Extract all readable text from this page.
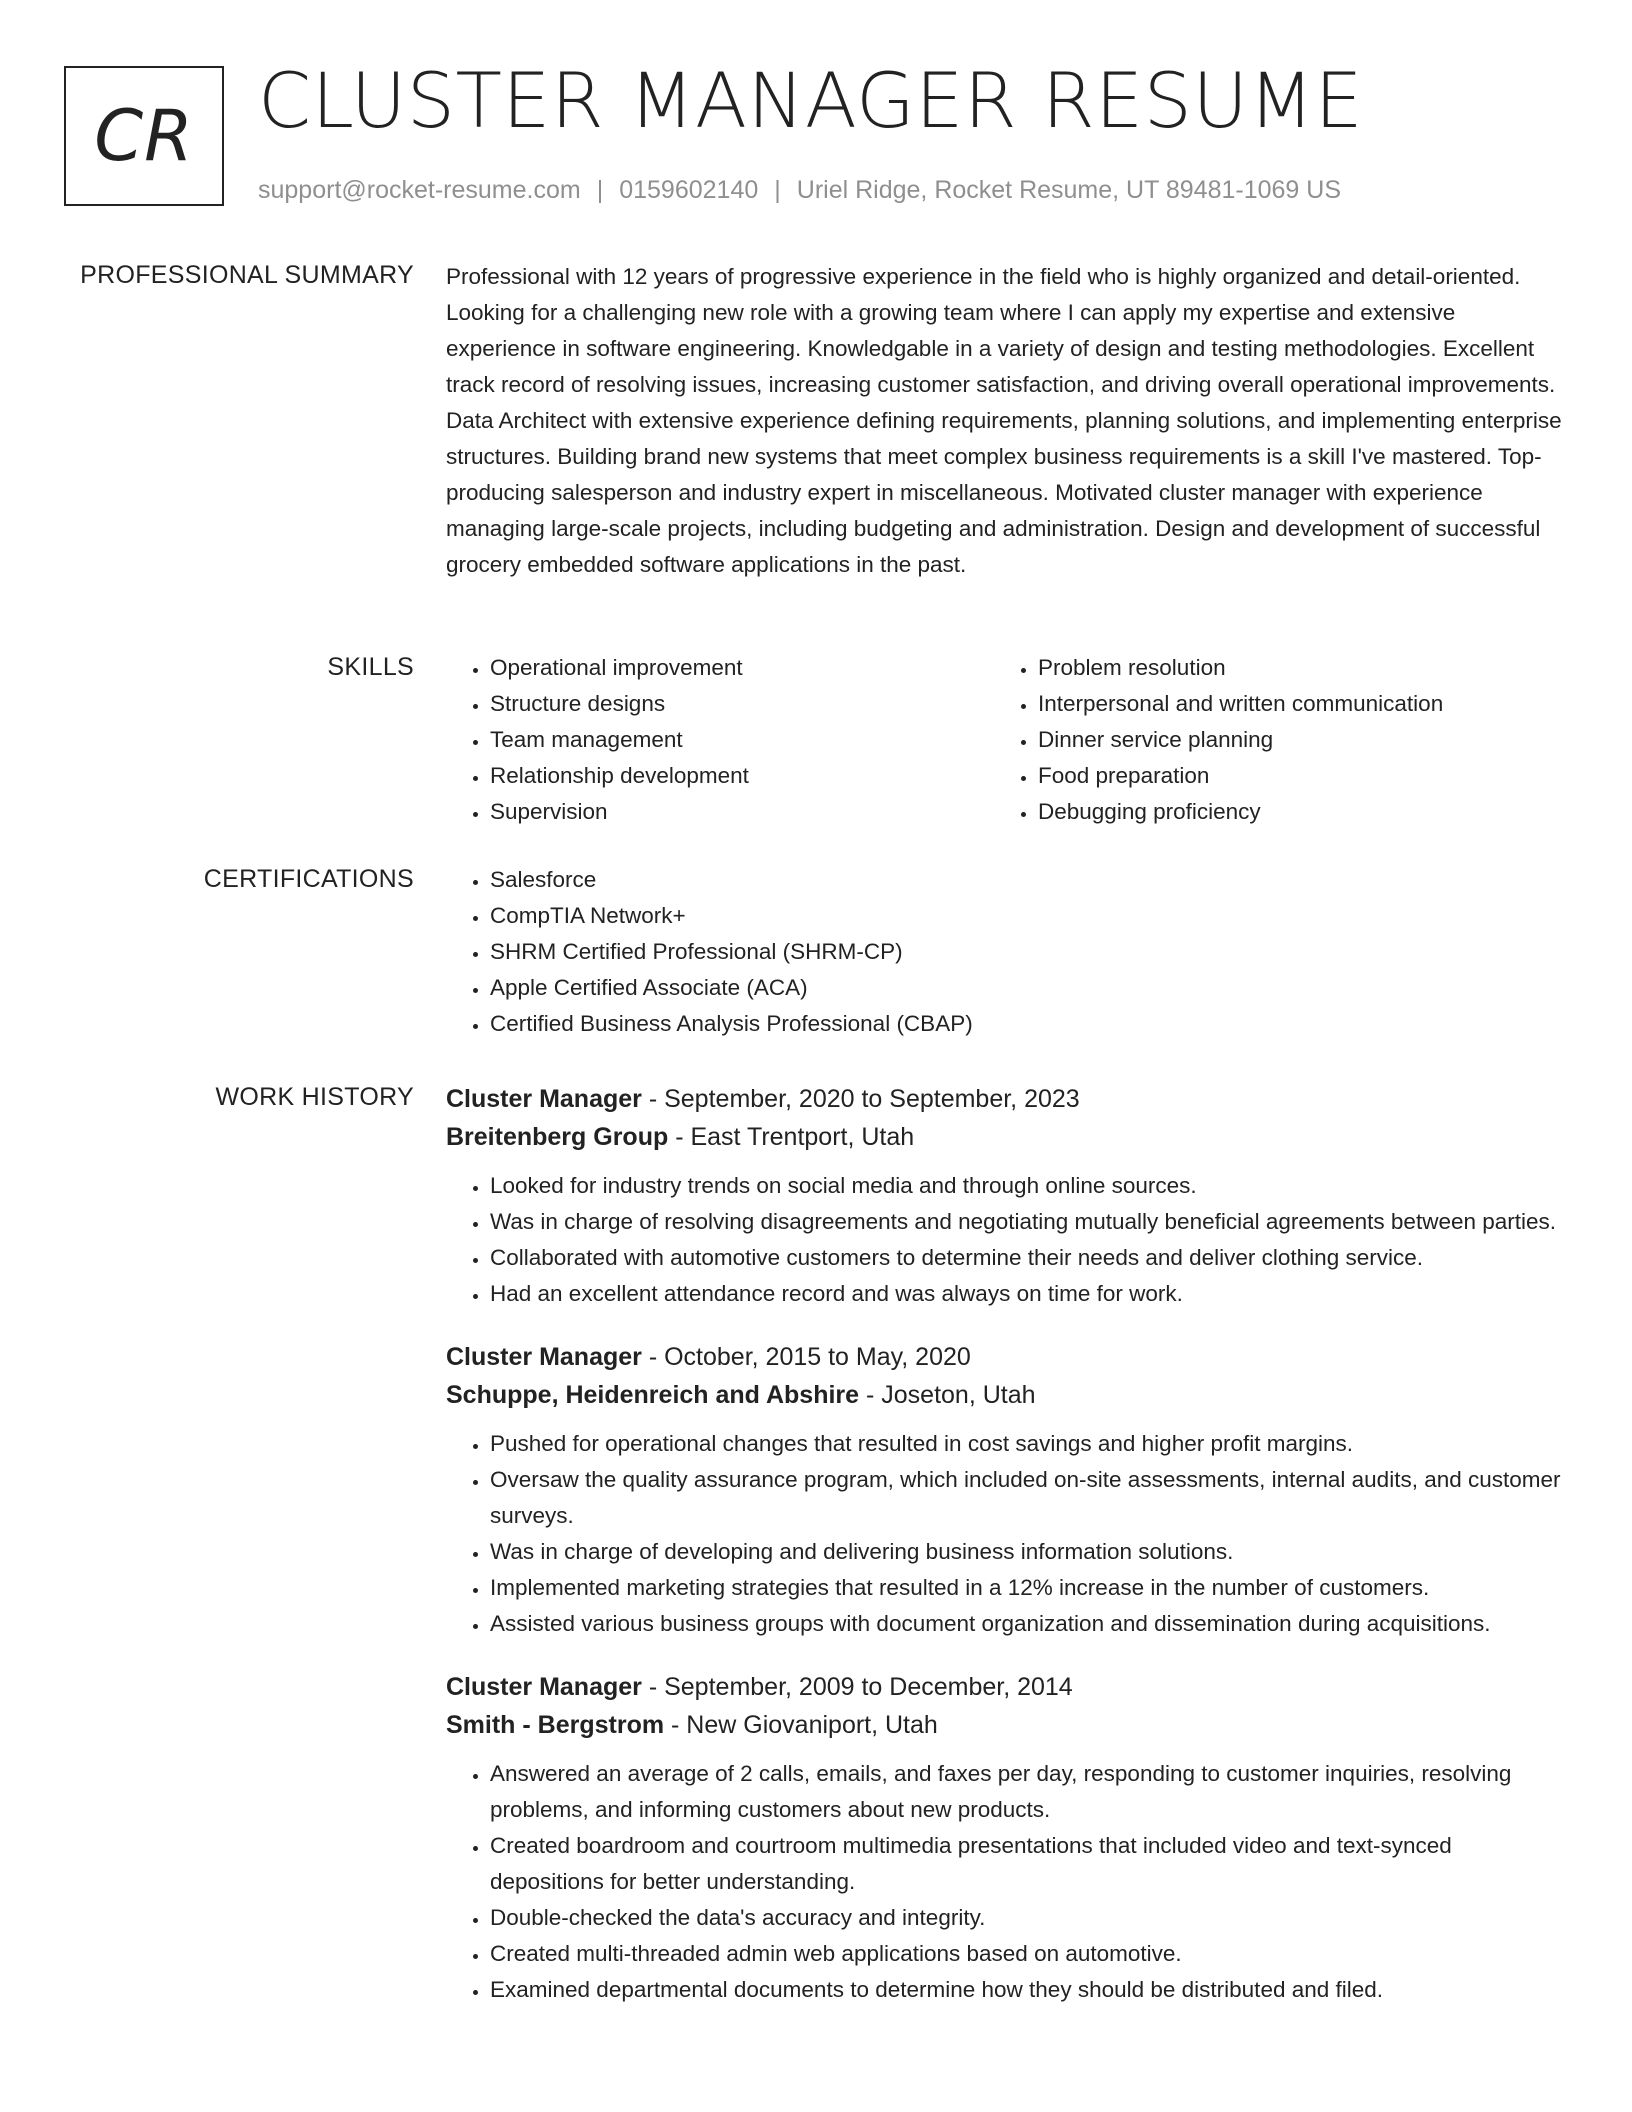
CR CLUSTER MANAGER RESUME
support@rocket-resume.com | 0159602140 | Uriel Ridge, Rocket Resume, UT 89481-1069 US
PROFESSIONAL SUMMARY Professional with 12 years of progressive experience in the field who is highly organized and detail-oriented. Looking for a challenging new role with a growing team where I can apply my expertise and extensive experience in software engineering. Knowledgable in a variety of design and testing methodologies. Excellent track record of resolving issues, increasing customer satisfaction, and driving overall operational improvements. Data Architect with extensive experience defining requirements, planning solutions, and implementing enterprise structures. Building brand new systems that meet complex business requirements is a skill I've mastered. Top-producing salesperson and industry expert in miscellaneous. Motivated cluster manager with experience managing large-scale projects, including budgeting and administration. Design and development of successful grocery embedded software applications in the past.

SKILLS	• Operational improvement
• Structure designs
• Team management
• Relationship development
• Supervision
• Problem resolution
• Interpersonal and written communication
• Dinner service planning
• Food preparation
• Debugging proficiency
CERTIFICATIONS	• Salesforce
• CompTIA Network+
• SHRM Certified Professional (SHRM-CP)
• Apple Certified Associate (ACA)
• Certified Business Analysis Professional (CBAP)
WORK HISTORY Cluster Manager - September, 2020 to September, 2023

Breitenberg Group - East Trentport, Utah

• Looked for industry trends on social media and through online sources.
• Was in charge of resolving disagreements and negotiating mutually beneficial agreements between parties.
• Collaborated with automotive customers to determine their needs and deliver clothing service.
• Had an excellent attendance record and was always on time for work.

Cluster Manager - October, 2015 to May, 2020

Schuppe, Heidenreich and Abshire - Joseton, Utah

• Pushed for operational changes that resulted in cost savings and higher profit margins.
• Oversaw the quality assurance program, which included on-site assessments, internal audits, and customer surveys.
• Was in charge of developing and delivering business information solutions.
• Implemented marketing strategies that resulted in a 12% increase in the number of customers.
• Assisted various business groups with document organization and dissemination during acquisitions.

Cluster Manager - September, 2009 to December, 2014

Smith - Bergstrom - New Giovaniport, Utah

• Answered an average of 2 calls, emails, and faxes per day, responding to customer inquiries, resolving problems, and informing customers about new products.
• Created boardroom and courtroom multimedia presentations that included video and text-synced depositions for better understanding.
• Double-checked the data's accuracy and integrity.
• Created multi-threaded admin web applications based on automotive.
• Examined departmental documents to determine how they should be distributed and filed.
